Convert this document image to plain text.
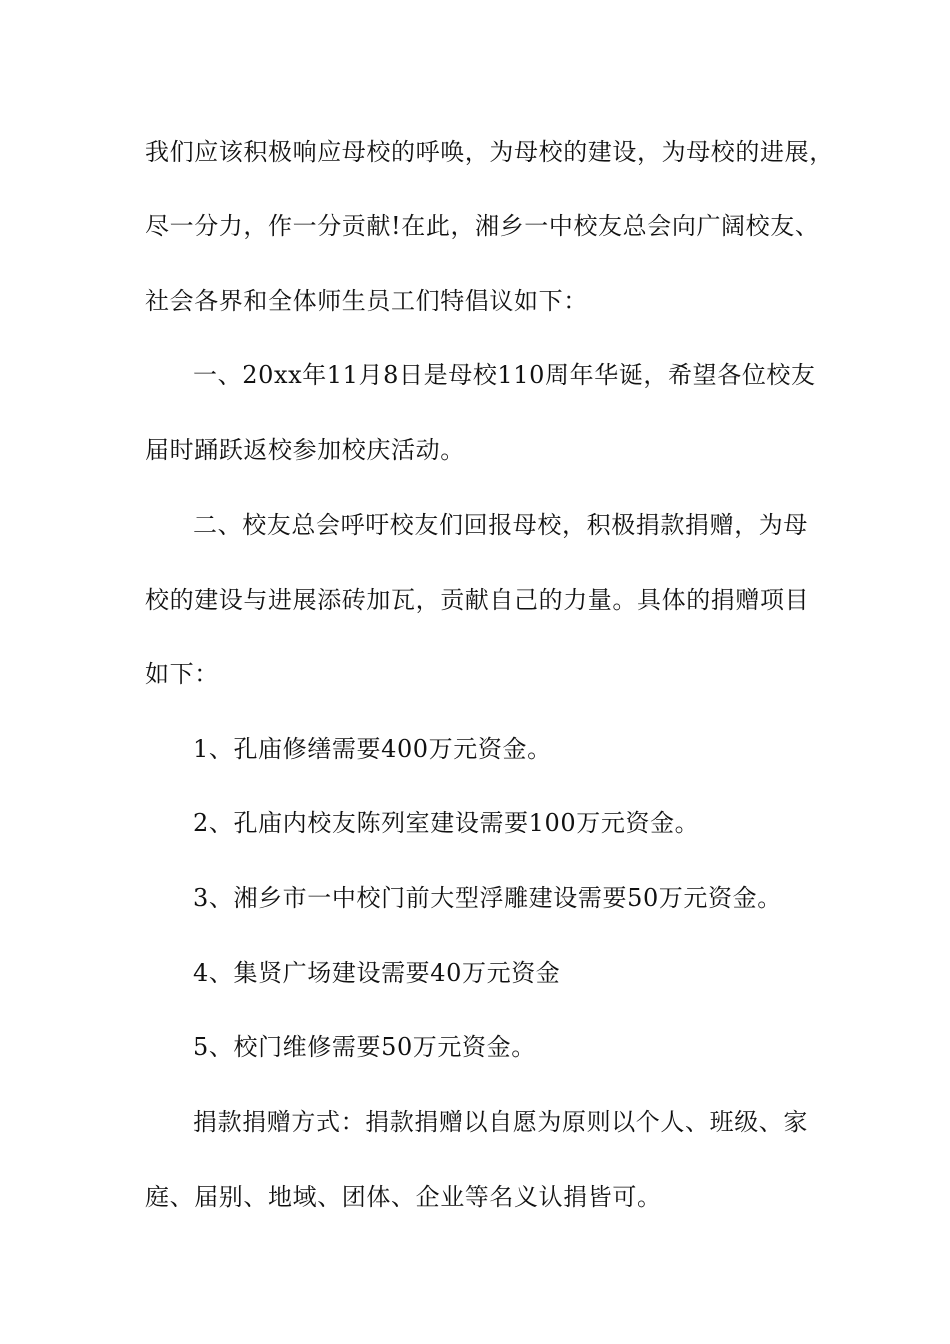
我们应该积极响应母校的呼唤，为母校的建设，为母校的进展，
尽一分力，作一分贡献!在此，湘乡一中校友总会向广阔校友、
社会各界和全体师生员工们特倡议如下：
一、20xx年11月8日是母校110周年华诞，希望各位校友
届时踊跃返校参加校庆活动。
二、校友总会呼吁校友们回报母校，积极捐款捐赠，为母
校的建设与进展添砖加瓦，贡献自己的力量。具体的捐赠项目
如下：
1、孔庙修缮需要400万元资金。
2、孔庙内校友陈列室建设需要100万元资金。
3、湘乡市一中校门前大型浮雕建设需要50万元资金。
4、集贤广场建设需要40万元资金
5、校门维修需要50万元资金。
捐款捐赠方式：捐款捐赠以自愿为原则以个人、班级、家
庭、届别、地域、团体、企业等名义认捐皆可。
